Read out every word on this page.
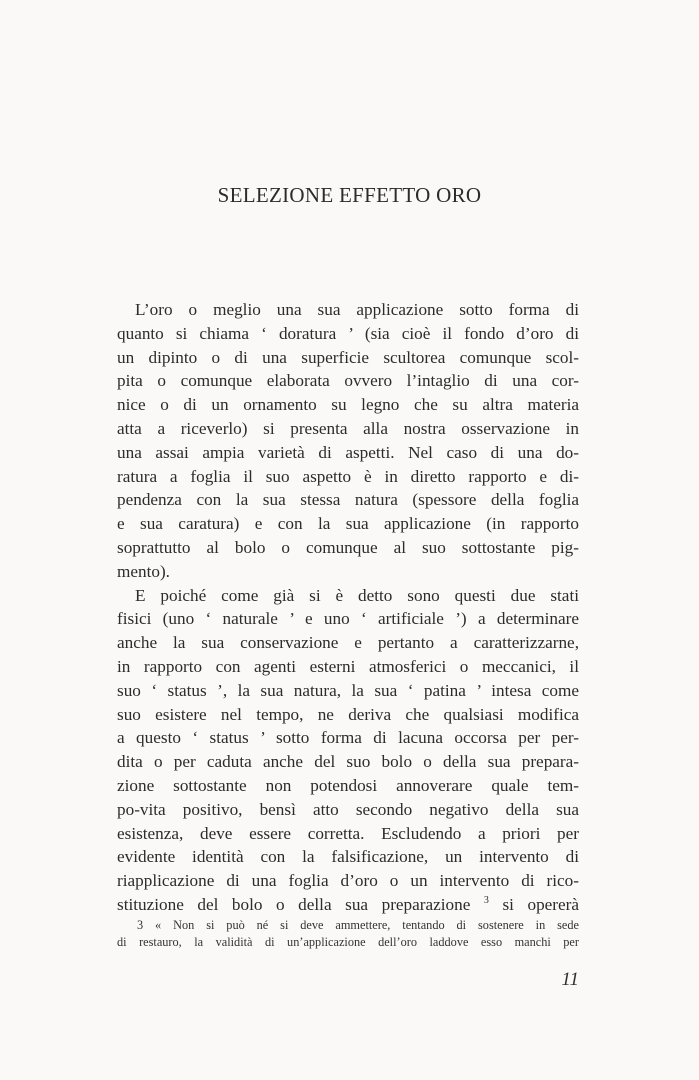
SELEZIONE EFFETTO ORO
L’oro o meglio una sua applicazione sotto forma di
quanto si chiama ‘ doratura ’ (sia cioè il fondo d’oro di
un dipinto o di una superficie scultorea comunque scol-
pita o comunque elaborata ovvero l’intaglio di una cor-
nice o di un ornamento su legno che su altra materia
atta a riceverlo) si presenta alla nostra osservazione in
una assai ampia varietà di aspetti. Nel caso di una do-
ratura a foglia il suo aspetto è in diretto rapporto e di-
pendenza con la sua stessa natura (spessore della foglia
e sua caratura) e con la sua applicazione (in rapporto
soprattutto al bolo o comunque al suo sottostante pig-
mento).
E poiché come già si è detto sono questi due stati
fisici (uno ‘ naturale ’ e uno ‘ artificiale ’) a determinare
anche la sua conservazione e pertanto a caratterizzarne,
in rapporto con agenti esterni atmosferici o meccanici, il
suo ‘ status ’, la sua natura, la sua ‘ patina ’ intesa come
suo esistere nel tempo, ne deriva che qualsiasi modifica
a questo ‘ status ’ sotto forma di lacuna occorsa per per-
dita o per caduta anche del suo bolo o della sua prepara-
zione sottostante non potendosi annoverare quale tem-
po-vita positivo, bensì atto secondo negativo della sua
esistenza, deve essere corretta. Escludendo a priori per
evidente identità con la falsificazione, un intervento di
riapplicazione di una foglia d’oro o un intervento di rico-
stituzione del bolo o della sua preparazione $^3$ si opererà
3 « Non si può né si deve ammettere, tentando di sostenere in sede
di restauro, la validità di un’applicazione dell’oro laddove esso manchi per
11
